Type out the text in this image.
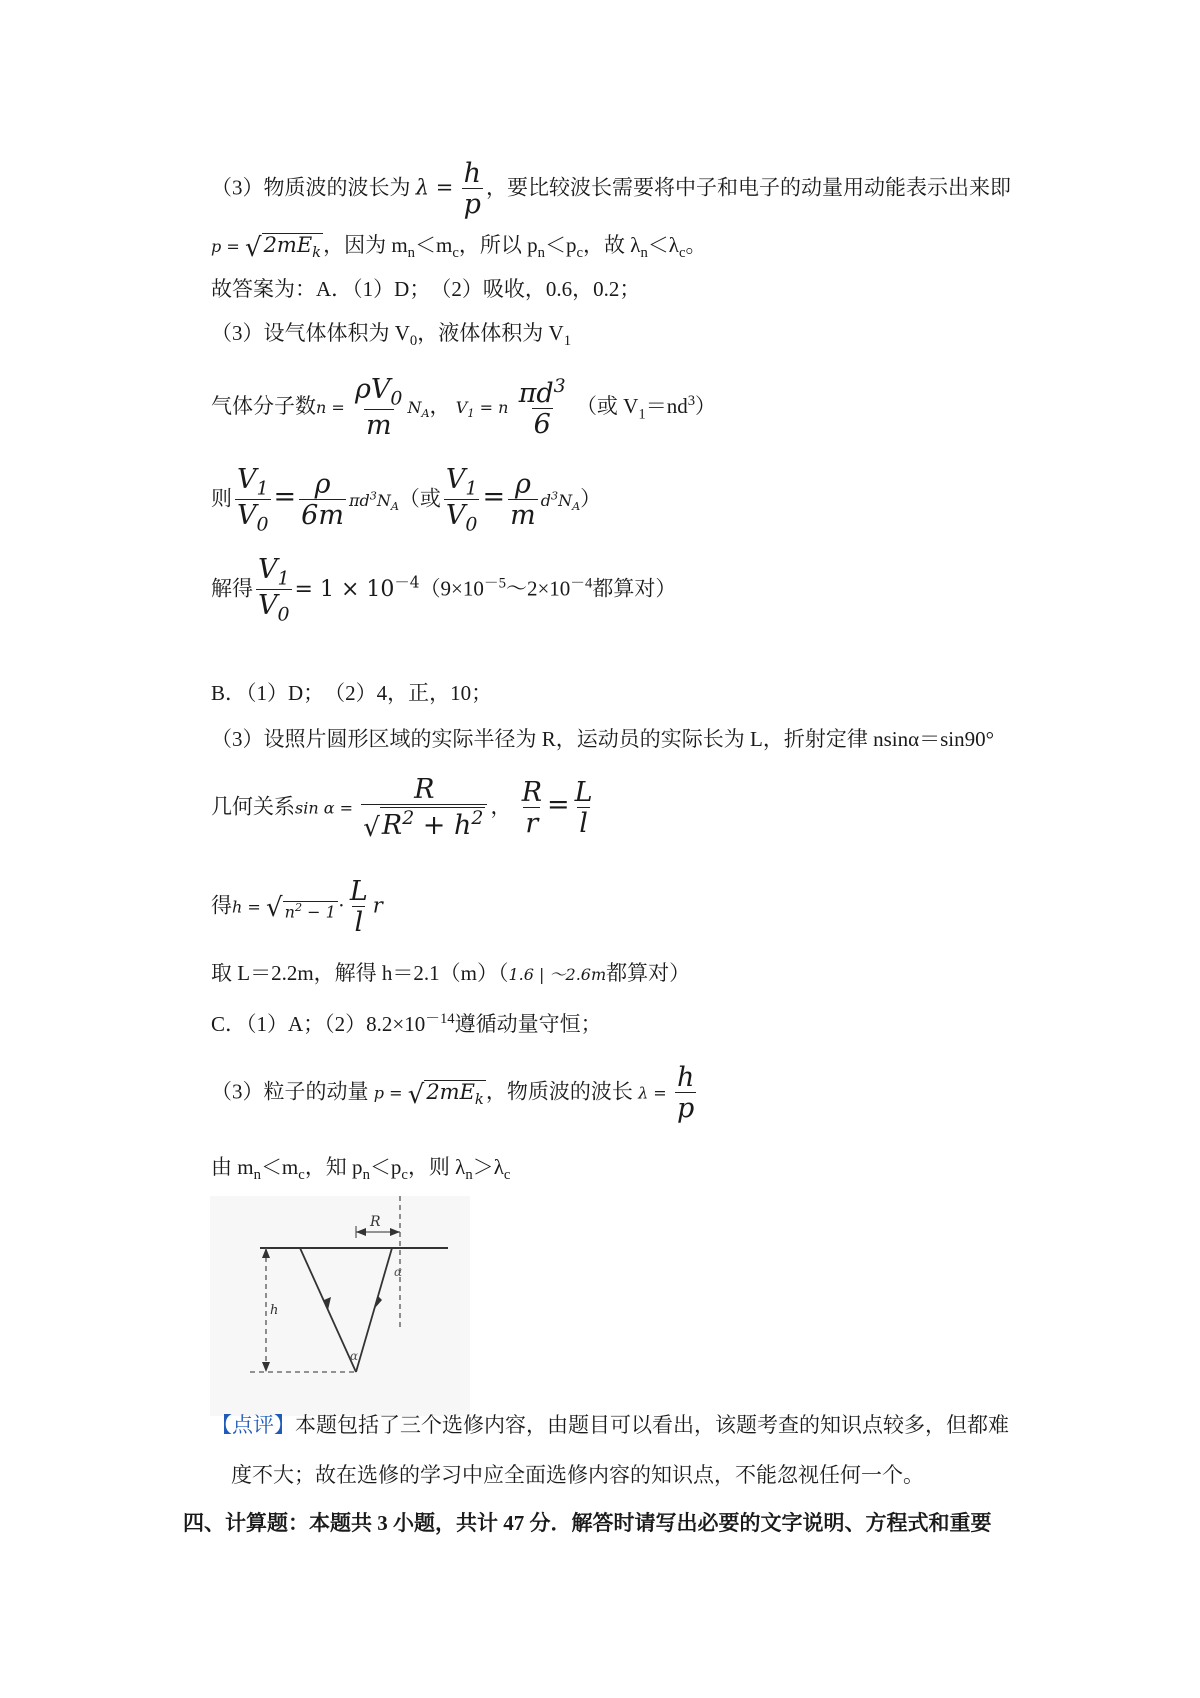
（3）物质波的波长为 $\lambda = \frac{h}{p}$ ，要比较波长需要将中子和电子的动量用动能表示出来即
p = √ $2mE_k$ ，因为 $m_n<m_c$，所以 $p_n<p_c$，故 $\lambda_n<\lambda_c$。
故答案为：A．（1）D；　（2）吸收，0.6，0.2；
（3）设气体体积为 $V_0$，液体体积为 $V_1$
气体分子数$n = \frac{\rho V_0}{m} N_A$， $V_1 = n \frac{\pi d^3}{6}$ （或 $V_1=nd^3$）
则 $\frac{V_1}{V_0} = \frac{\rho}{6m} \pi d^3N_A$（或 $\frac{V_1}{V_0} = \frac{\rho}{m} d^3N_A$）
解得 $\frac{V_1}{V_0} = 1$ × $10^{-4}(9\times 10^{-5}\sim 2\times 10^{-4}$都算对）
B．（1）D；　（2）4，正，10；
（3）设照片圆形区域的实际半径为 R，运动员的实际长为 L，折射定律 nsinα＝sin90°
几何关系$\sin \alpha = \frac{R}{√ R^2 + h^2}$ ， $\frac{R}{r} = \frac{L}{l}$
得h = √ $n^2 - 1 \cdot \frac{L}{l}$ r
取 L＝2.2m，解得 h＝2.1（m）（1.6 | ～2.6m都算对）
C．（1）A；$(2)8.2\times 10^{-14}$遵循动量守恒；
（3）粒子的动量 p = √ $2mE_k$ ，物质波的波长 $\lambda = \frac{h}{p}$
由 $m_n<m_c$，知 $p_n<p_c$，则 $\lambda_n>\lambda_c$
R
h
α
α
【点评】本题包括了三个选修内容，由题目可以看出，该题考查的知识点较多，但都难
度不大；故在选修的学习中应全面选修内容的知识点，不能忽视任何一个。
四、计算题：本题共 3 小题，共计 47 分．解答时请写出必要的文字说明、方程式和重要
